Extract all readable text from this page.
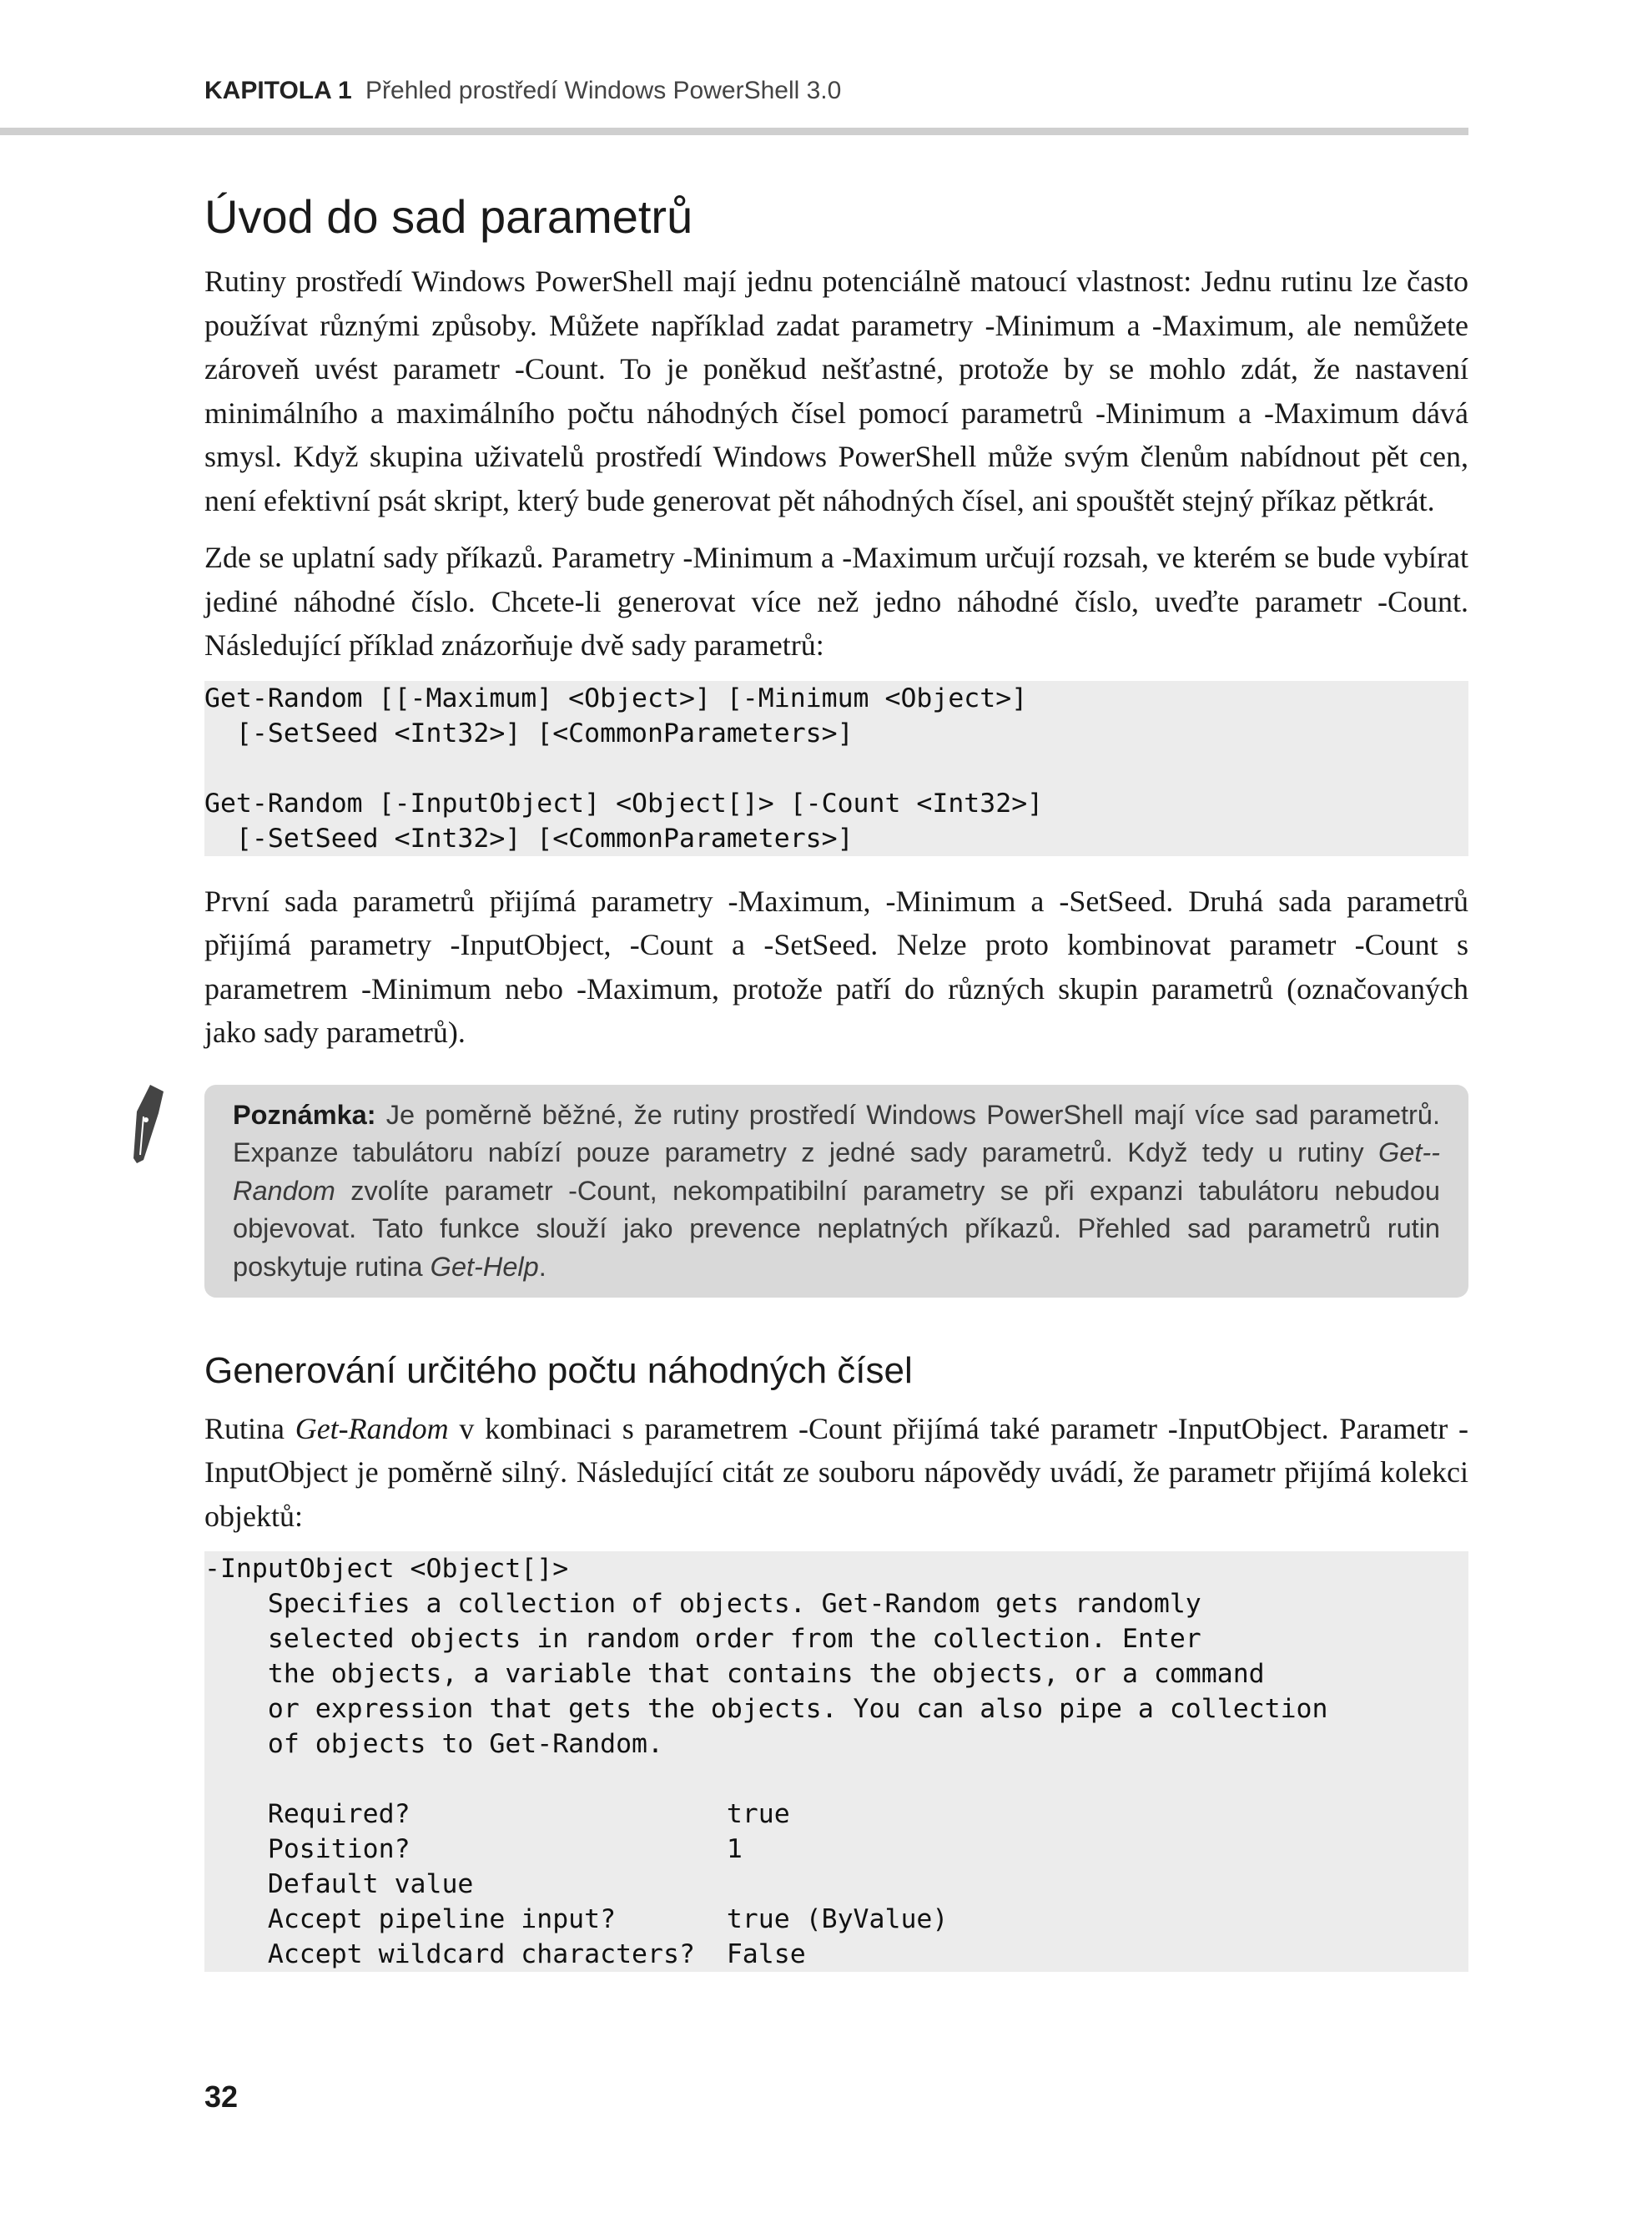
KAPITOLA 1 Přehled prostředí Windows PowerShell 3.0
Úvod do sad parametrů

Rutiny prostředí Windows PowerShell mají jednu potenciálně matoucí vlastnost: Jednu rutinu lze často používat různými způsoby. Můžete například zadat parametry -Minimum a -Maximum, ale nemůžete zároveň uvést parametr -Count. To je poněkud nešťastné, protože by se mohlo zdát, že nastavení minimálního a maximálního počtu náhodných čísel pomocí parametrů -Minimum a -Maximum dává smysl. Když skupina uživatelů prostředí Windows PowerShell může svým členům nabídnout pět cen, není efektivní psát skript, který bude generovat pět náhodných čísel, ani spouštět stejný příkaz pětkrát.

Zde se uplatní sady příkazů. Parametry -Minimum a -Maximum určují rozsah, ve kterém se bude vybírat jediné náhodné číslo. Chcete-li generovat více než jedno náhodné číslo, uveďte parametr -Count. Následující příklad znázorňuje dvě sady parametrů:

Get-Random [[-Maximum] <Object>] [-Minimum <Object>]
[-SetSeed <Int32>] [<CommonParameters>]

Get-Random [-InputObject] <Object[]> [-Count <Int32>]
[-SetSeed <Int32>] [<CommonParameters>]

První sada parametrů přijímá parametry -Maximum, -Minimum a -SetSeed. Druhá sada parametrů přijímá parametry -InputObject, -Count a -SetSeed. Nelze proto kombinovat parametr -Count s parametrem -Minimum nebo -Maximum, protože patří do různých skupin parametrů (označovaných jako sady parametrů).

Poznámka: Je poměrně běžné, že rutiny prostředí Windows PowerShell mají více sad parametrů. Expanze tabulátoru nabízí pouze parametry z jedné sady parametrů. Když tedy u rutiny Get--Random zvolíte parametr -Count, nekompatibilní parametry se při expanzi tabulátoru nebudou objevovat. Tato funkce slouží jako prevence neplatných příkazů. Přehled sad parametrů rutin poskytuje rutina Get-Help.
Generování určitého počtu náhodných čísel

Rutina Get-Random v kombinaci s parametrem -Count přijímá také parametr -InputObject. Parametr -InputObject je poměrně silný. Následující citát ze souboru nápovědy uvádí, že parametr přijímá kolekci objektů:

-InputObject <Object[]>
Specifies a collection of objects. Get-Random gets randomly
selected objects in random order from the collection. Enter
the objects, a variable that contains the objects, or a command
or expression that gets the objects. You can also pipe a collection
of objects to Get-Random.

Required?                    true
Position?                    1
Default value
Accept pipeline input?       true (ByValue)
Accept wildcard characters?  False
32
